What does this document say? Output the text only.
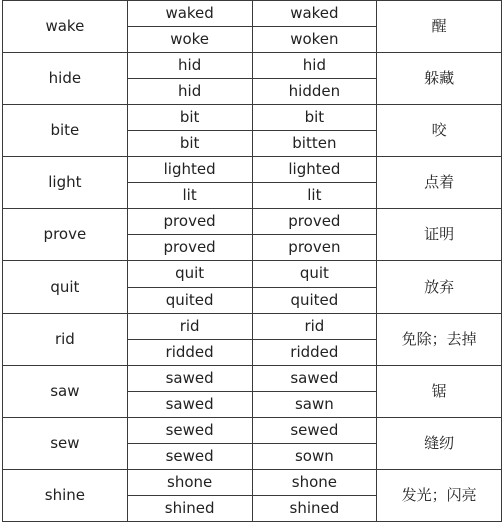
wake	waked	waked	醒
	woke	woken	
hide	hid	hid	躲藏
	hid	hidden	
bite	bit	bit	咬
	bit	bitten	
light	lighted	lighted	点着
	lit	lit	
prove	proved	proved	证明
	proved	proven	
quit	quit	quit	放弃
	quited	quited	
rid	rid	rid	免除；去掉
	ridded	ridded	
saw	sawed	sawed	锯
	sawed	sawn	
sew	sewed	sewed	缝纫
	sewed	sown	
shine	shone	shone	发光；闪亮
	shined	shined	
